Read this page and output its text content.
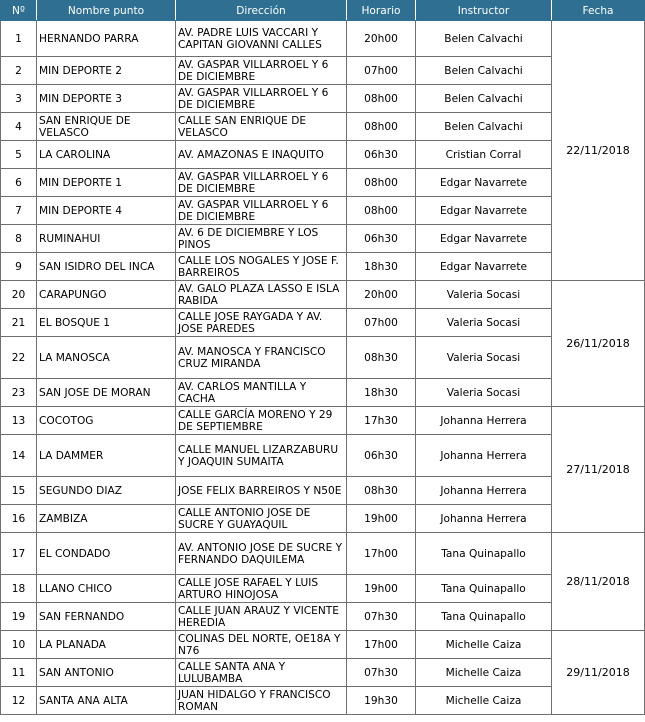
Nº	Nombre punto	Dirección	Horario	Instructor	Fecha
1	HERNANDO PARRA	AV. PADRE LUIS VACCARI Y CAPITAN GIOVANNI CALLES	20h00	Belen Calvachi	22/11/2018
2	MIN DEPORTE 2	AV. GASPAR VILLARROEL Y 6 DE DICIEMBRE	07h00	Belen Calvachi	
3	MIN DEPORTE 3	AV. GASPAR VILLARROEL Y 6 DE DICIEMBRE	08h00	Belen Calvachi	
4	SAN ENRIQUE DE VELASCO	CALLE SAN ENRIQUE DE VELASCO	08h00	Belen Calvachi	
5	LA CAROLINA	AV. AMAZONAS E INAQUITO	06h30	Cristian Corral	
6	MIN DEPORTE 1	AV. GASPAR VILLARROEL Y 6 DE DICIEMBRE	08h00	Edgar Navarrete	
7	MIN DEPORTE 4	AV. GASPAR VILLARROEL Y 6 DE DICIEMBRE	08h00	Edgar Navarrete	
8	RUMINAHUI	AV. 6 DE DICIEMBRE Y LOS PINOS	06h30	Edgar Navarrete	
9	SAN ISIDRO DEL INCA	CALLE LOS NOGALES Y JOSE F. BARREIROS	18h30	Edgar Navarrete	
20	CARAPUNGO	AV. GALO PLAZA LASSO E ISLA RABIDA	20h00	Valeria Socasi	26/11/2018
21	EL BOSQUE 1	CALLE JOSE RAYGADA Y AV. JOSE PAREDES	07h00	Valeria Socasi	
22	LA MANOSCA	AV. MANOSCA Y FRANCISCO CRUZ MIRANDA	08h30	Valeria Socasi	
23	SAN JOSE DE MORAN	AV. CARLOS MANTILLA Y CACHA	18h30	Valeria Socasi	
13	COCOTOG	CALLE GARCÍA MORENO Y 29 DE SEPTIEMBRE	17h30	Johanna Herrera	27/11/2018
14	LA DAMMER	CALLE MANUEL LIZARZABURU Y JOAQUIN SUMAITA	06h30	Johanna Herrera	
15	SEGUNDO DIAZ	JOSE FELIX BARREIROS Y N50E	08h30	Johanna Herrera	
16	ZAMBIZA	CALLE ANTONIO JOSE DE SUCRE Y GUAYAQUIL	19h00	Johanna Herrera	
17	EL CONDADO	AV. ANTONIO JOSE DE SUCRE Y FERNANDO DAQUILEMA	17h00	Tana Quinapallo	28/11/2018
18	LLANO CHICO	CALLE JOSE RAFAEL Y LUIS ARTURO HINOJOSA	19h00	Tana Quinapallo	
19	SAN FERNANDO	CALLE JUAN ARAUZ Y VICENTE HEREDIA	07h30	Tana Quinapallo	
10	LA PLANADA	COLINAS DEL NORTE, OE18A Y N76	17h00	Michelle Caiza	29/11/2018
11	SAN ANTONIO	CALLE SANTA ANA Y LULUBAMBA	07h30	Michelle Caiza	
12	SANTA ANA ALTA	JUAN HIDALGO Y FRANCISCO ROMAN	19h30	Michelle Caiza	
